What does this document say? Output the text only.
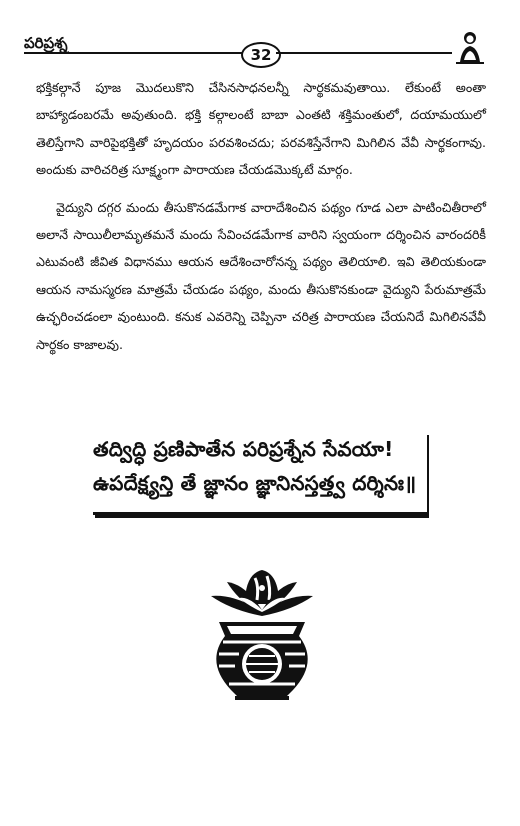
పరిప్రశ్న
32

భక్తికల్గానే పూజ మొదలుకొని చేసినసాధనలన్నీ సార్థకమవుతాయి. లేకుంటే అంతా బాహ్యాడంబరమే అవుతుంది. భక్తి కల్గాలంటే బాబా ఎంతటి శక్తిమంతులో, దయామయులో తెలిస్తేగాని వారిపైభక్తితో హృదయం పరవశించదు; పరవశిస్తేనేగాని మిగిలిన వేవీ సార్థకంగావు. అందుకు వారిచరిత్ర సూక్ష్మంగా పారాయణ చేయడమొక్కటే మార్గం.

వైద్యుని దగ్గర మందు తీసుకొనడమేగాక వారాదేశించిన పథ్యం గూడ ఎలా పాటించితీరాలో అలానే సాయిలీలామృతమనే మందు సేవించడమేగాక వారిని స్వయంగా దర్శించిన వారందరికీ ఎటువంటి జీవిత విధానము ఆయన ఆదేశించారోనన్న పథ్యం తెలియాలి. ఇవి తెలియకుండా ఆయన నామస్మరణ మాత్రమే చేయడం పథ్యం, మందు తీసుకొనకుండా వైద్యుని పేరుమాత్రమే ఉచ్ఛరించడంలా వుంటుంది. కనుక ఎవరెన్ని చెప్పినా చరిత్ర పారాయణ చేయనిదే మిగిలినవేవీ సార్థకం కాజాలవు.

తద్విద్ధి ప్రణిపాతేన పరిప్రశ్నేన సేవయా!
ఉపదేక్ష్యన్తి తే జ్ఞానం జ్ఞానినస్తత్త్వ దర్శినః॥
